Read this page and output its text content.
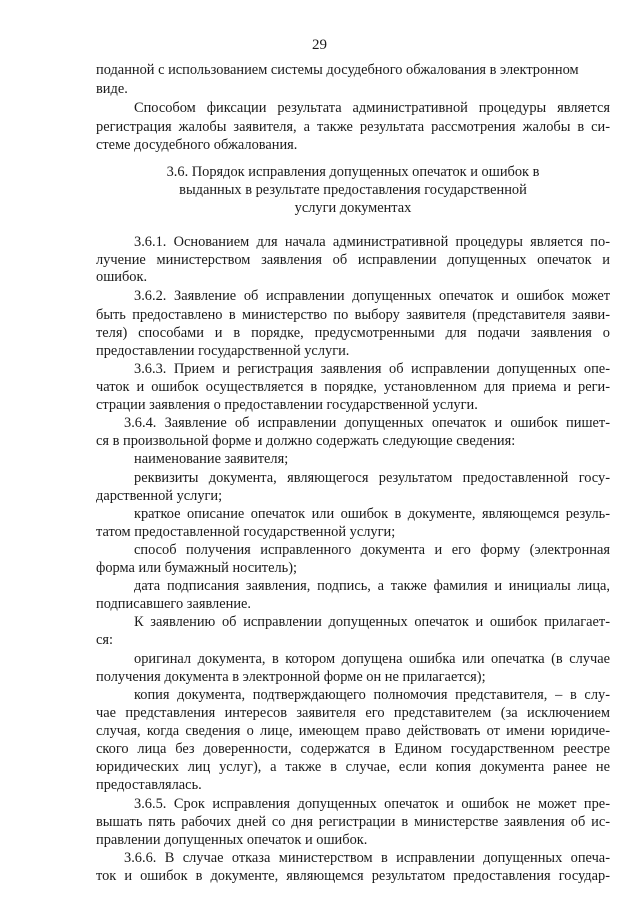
29
поданной с использованием системы досудебного обжалования в электронном
виде.
Способом фиксации результата административной процедуры является
регистрация жалобы заявителя, а также результата рассмотрения жалобы в си-
стеме досудебного обжалования.
3.6. Порядок исправления допущенных опечаток и ошибок в
выданных в результате предоставления государственной
услуги документах
3.6.1. Основанием для начала административной процедуры является по-
лучение министерством заявления об исправлении допущенных опечаток и
ошибок.
3.6.2. Заявление об исправлении допущенных опечаток и ошибок может
быть предоставлено в министерство по выбору заявителя (представителя заяви-
теля) способами и в порядке, предусмотренными для подачи заявления о
предоставлении государственной услуги.
3.6.3. Прием и регистрация заявления об исправлении допущенных опе-
чаток и ошибок осуществляется в порядке, установленном для приема и реги-
страции заявления о предоставлении государственной услуги.
3.6.4. Заявление об исправлении допущенных опечаток и ошибок пишет-
ся в произвольной форме и должно содержать следующие сведения:
наименование заявителя;
реквизиты документа, являющегося результатом предоставленной госу-
дарственной услуги;
краткое описание опечаток или ошибок в документе, являющемся резуль-
татом предоставленной государственной услуги;
способ получения исправленного документа и его форму (электронная
форма или бумажный носитель);
дата подписания заявления, подпись, а также фамилия и инициалы лица,
подписавшего заявление.
К заявлению об исправлении допущенных опечаток и ошибок прилагает-
ся:
оригинал документа, в котором допущена ошибка или опечатка (в случае
получения документа в электронной форме он не прилагается);
копия документа, подтверждающего полномочия представителя, – в слу-
чае представления интересов заявителя его представителем (за исключением
случая, когда сведения о лице, имеющем право действовать от имени юридиче-
ского лица без доверенности, содержатся в Едином государственном реестре
юридических лиц услуг), а также в случае, если копия документа ранее не
предоставлялась.
3.6.5. Срок исправления допущенных опечаток и ошибок не может пре-
вышать пять рабочих дней со дня регистрации в министерстве заявления об ис-
правлении допущенных опечаток и ошибок.
3.6.6. В случае отказа министерством в исправлении допущенных опеча-
ток и ошибок в документе, являющемся результатом предоставления государ-
